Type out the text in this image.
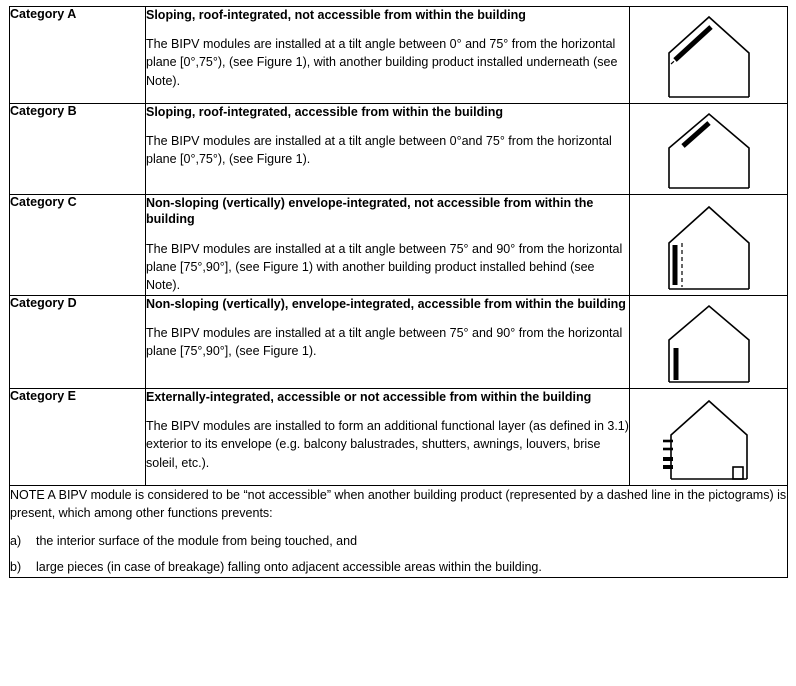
Category A	Sloping, roof-integrated, not accessible from within the building

The BIPV modules are installed at a tilt angle between 0° and 75° from the horizontal plane [0°,75°), (see Figure 1), with another building product installed underneath (see Note).

Category B	Sloping, roof-integrated, accessible from within the building

The BIPV modules are installed at a tilt angle between 0°and 75° from the horizontal plane [0°,75°), (see Figure 1).

Category C	Non-sloping (vertically) envelope-integrated, not accessible from within the building

The BIPV modules are installed at a tilt angle between 75° and 90° from the horizontal plane [75°,90°], (see Figure 1) with another building product installed behind (see Note).

Category D	Non-sloping (vertically), envelope-integrated, accessible from within the building

The BIPV modules are installed at a tilt angle between 75° and 90° from the horizontal plane [75°,90°], (see Figure 1).

Category E	Externally-integrated, accessible or not accessible from within the building

The BIPV modules are installed to form an additional functional layer (as defined in 3.1) exterior to its envelope (e.g. balcony balustrades, shutters, awnings, louvers, brise soleil, etc.).

NOTE A BIPV module is considered to be “not accessible” when another building product (represented by a dashed line in the pictograms) is present, which among other functions prevents:

a) the interior surface of the module from being touched, and
b) large pieces (in case of breakage) falling onto adjacent accessible areas within the building.		
